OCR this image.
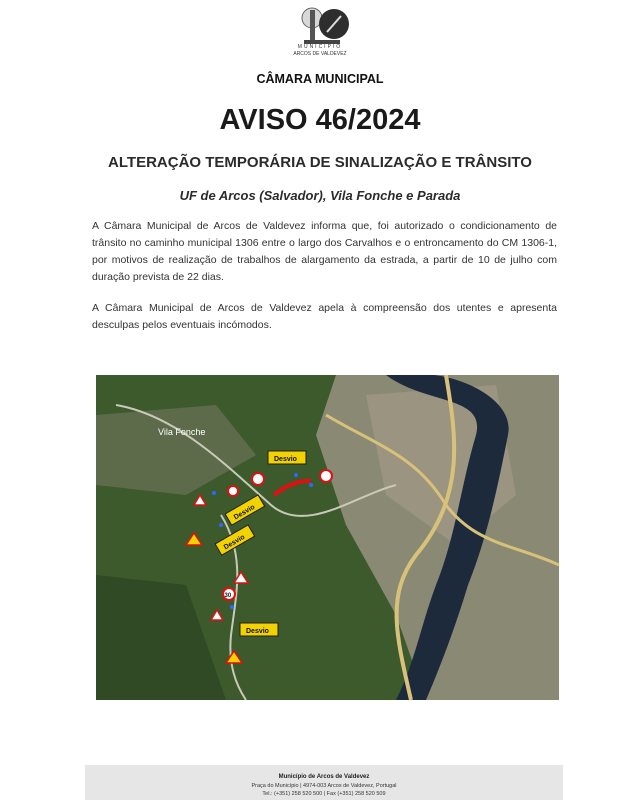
MUNICÍPIO
ARCOS DE VALDEVEZ
CÂMARA MUNICIPAL
AVISO 46/2024
ALTERAÇÃO TEMPORÁRIA DE SINALIZAÇÃO E TRÂNSITO
UF de Arcos (Salvador), Vila Fonche e Parada

A Câmara Municipal de Arcos de Valdevez informa que, foi autorizado o condicionamento de trânsito no caminho municipal 1306 entre o largo dos Carvalhos e o entroncamento do CM 1306-1, por motivos de realização de trabalhos de alargamento da estrada, a partir de 10 de julho com duração prevista de 22 dias.

A Câmara Municipal de Arcos de Valdevez apela à compreensão dos utentes e apresenta desculpas pelos eventuais incómodos.

Vila Fonche
Desvio
Desvio
Desvio
Desvio
30
Município de Arcos de Valdevez
Praça do Município | 4974-003 Arcos de Valdevez, Portugal
Tel.: (+351) 258 520 500 | Fax (+351) 258 520 509
